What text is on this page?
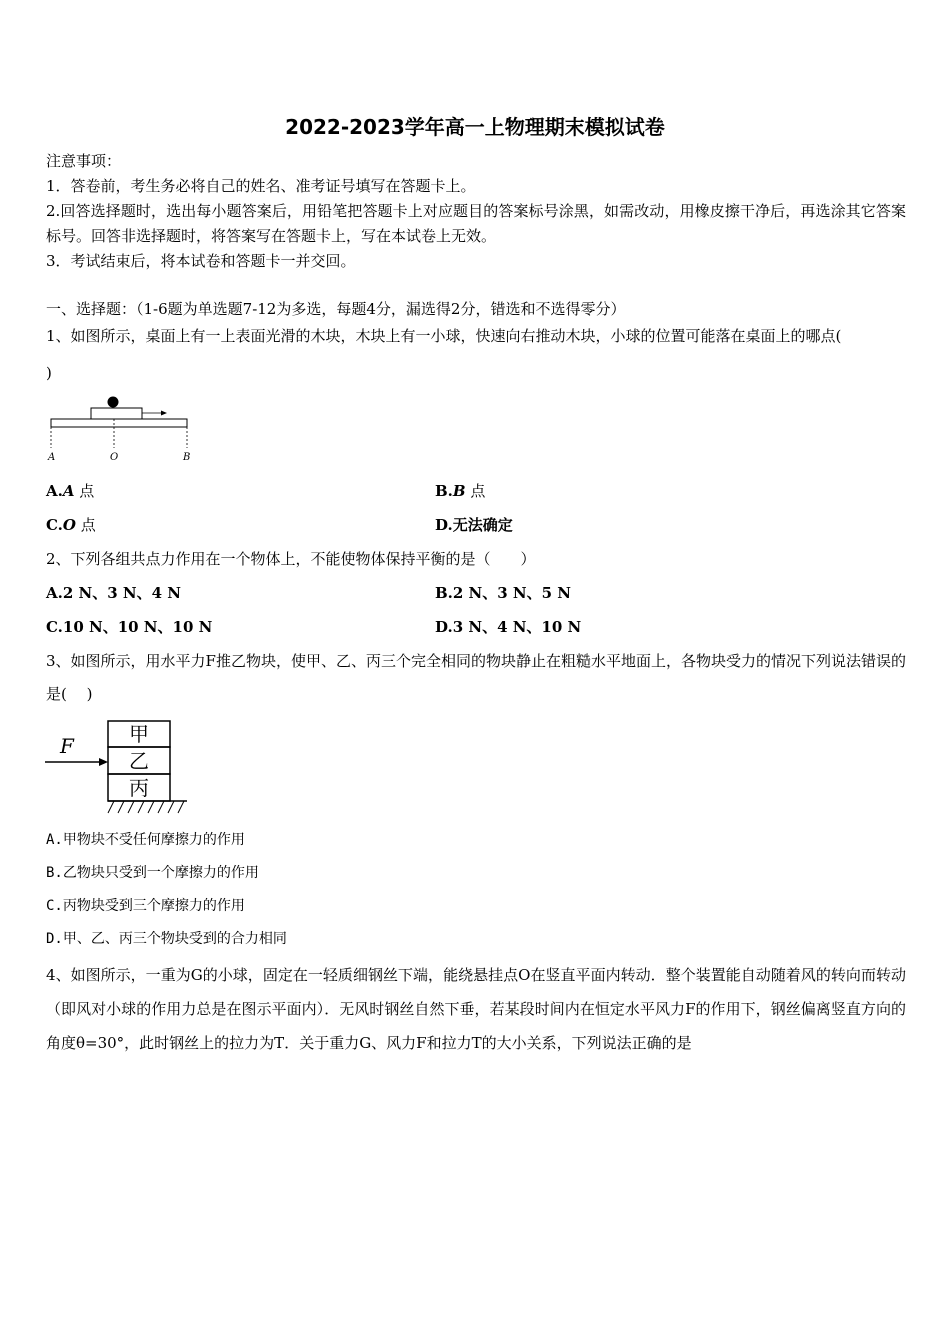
2022-2023学年高一上物理期末模拟试卷
注意事项：
1．答卷前，考生务必将自己的姓名、准考证号填写在答题卡上。
2.回答选择题时，选出每小题答案后，用铅笔把答题卡上对应题目的答案标号涂黑，如需改动，用橡皮擦干净后，再选涂其它答案标号。回答非选择题时，将答案写在答题卡上，写在本试卷上无效。
3．考试结束后，将本试卷和答题卡一并交回。
一、选择题：（1-6题为单选题7-12为多选，每题4分，漏选得2分，错选和不选得零分）
1、如图所示，桌面上有一上表面光滑的木块，木块上有一小球，快速向右推动木块，小球的位置可能落在桌面上的哪点(
)
A	O	B
A.A 点	B.B 点
C.O 点	D.无法确定
2、下列各组共点力作用在一个物体上，不能使物体保持平衡的是（　　）
A.2 N、3 N、4 N	B.2 N、3 N、5 N
C.10 N、10 N、10 N	D.3 N、4 N、10 N
3、如图所示，用水平力F推乙物块，使甲、乙、丙三个完全相同的物块静止在粗糙水平地面上，各物块受力的情况下列说法错误的是(　 )
F	甲
乙
丙
A.甲物块不受任何摩擦力的作用
B.乙物块只受到一个摩擦力的作用
C.丙物块受到三个摩擦力的作用
D.甲、乙、丙三个物块受到的合力相同
4、如图所示，一重为G的小球，固定在一轻质细钢丝下端，能绕悬挂点O在竖直平面内转动．整个装置能自动随着风的转向而转动（即风对小球的作用力总是在图示平面内）．无风时钢丝自然下垂，若某段时间内在恒定水平风力F的作用下，钢丝偏离竖直方向的角度θ=30°，此时钢丝上的拉力为T．关于重力G、风力F和拉力T的大小关系，下列说法正确的是
